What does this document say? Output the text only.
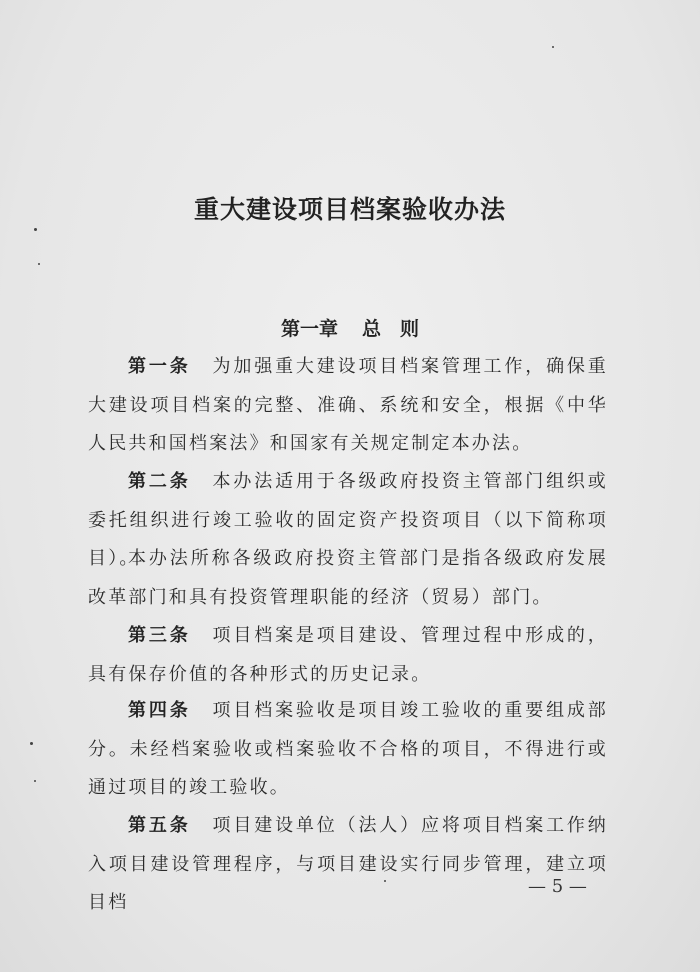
重大建设项目档案验收办法
第一章 总　则
第一条 为加强重大建设项目档案管理工作，确保重大建设项目档案的完整、准确、系统和安全，根据《中华人民共和国档案法》和国家有关规定制定本办法。
第二条 本办法适用于各级政府投资主管部门组织或委托组织进行竣工验收的固定资产投资项目（以下简称项目）。
本办法所称各级政府投资主管部门是指各级政府发展改革部门和具有投资管理职能的经济（贸易）部门。
第三条 项目档案是项目建设、管理过程中形成的，具有保存价值的各种形式的历史记录。
第四条 项目档案验收是项目竣工验收的重要组成部分。未经档案验收或档案验收不合格的项目，不得进行或通过项目的竣工验收。
第五条 项目建设单位（法人）应将项目档案工作纳入项目建设管理程序，与项目建设实行同步管理，建立项目档
— 5 —
